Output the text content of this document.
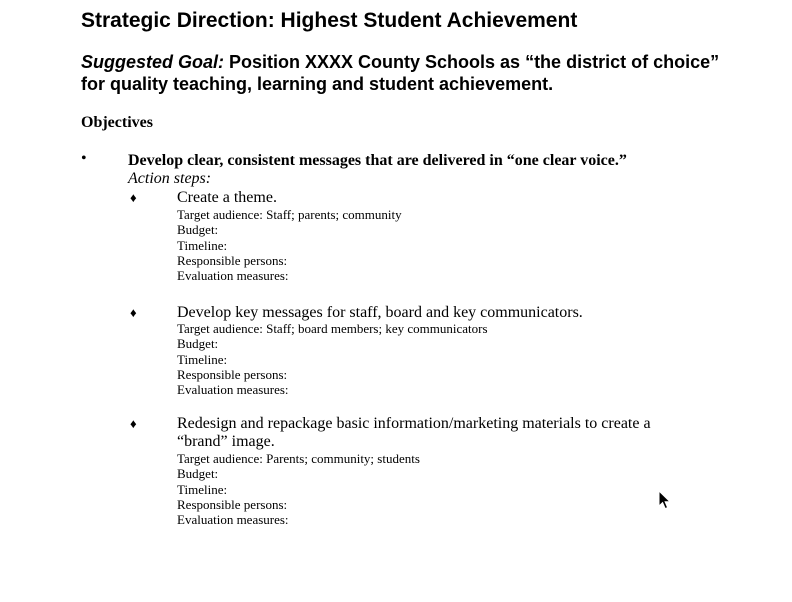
Strategic Direction: Highest Student Achievement
Suggested Goal: Position XXXX County Schools as “the district of choice” for quality teaching, learning and student achievement.
Objectives
•	Develop clear, consistent messages that are delivered in “one clear voice.”
Action steps:
♦	Create a theme.
Target audience: Staff; parents; community
Budget:
Timeline:
Responsible persons:
Evaluation measures:
♦	Develop key messages for staff, board and key communicators.
Target audience: Staff; board members; key communicators
Budget:
Timeline:
Responsible persons:
Evaluation measures:
♦	Redesign and repackage basic information/marketing materials to create a “brand” image.
Target audience: Parents; community; students
Budget:
Timeline:
Responsible persons:
Evaluation measures:
